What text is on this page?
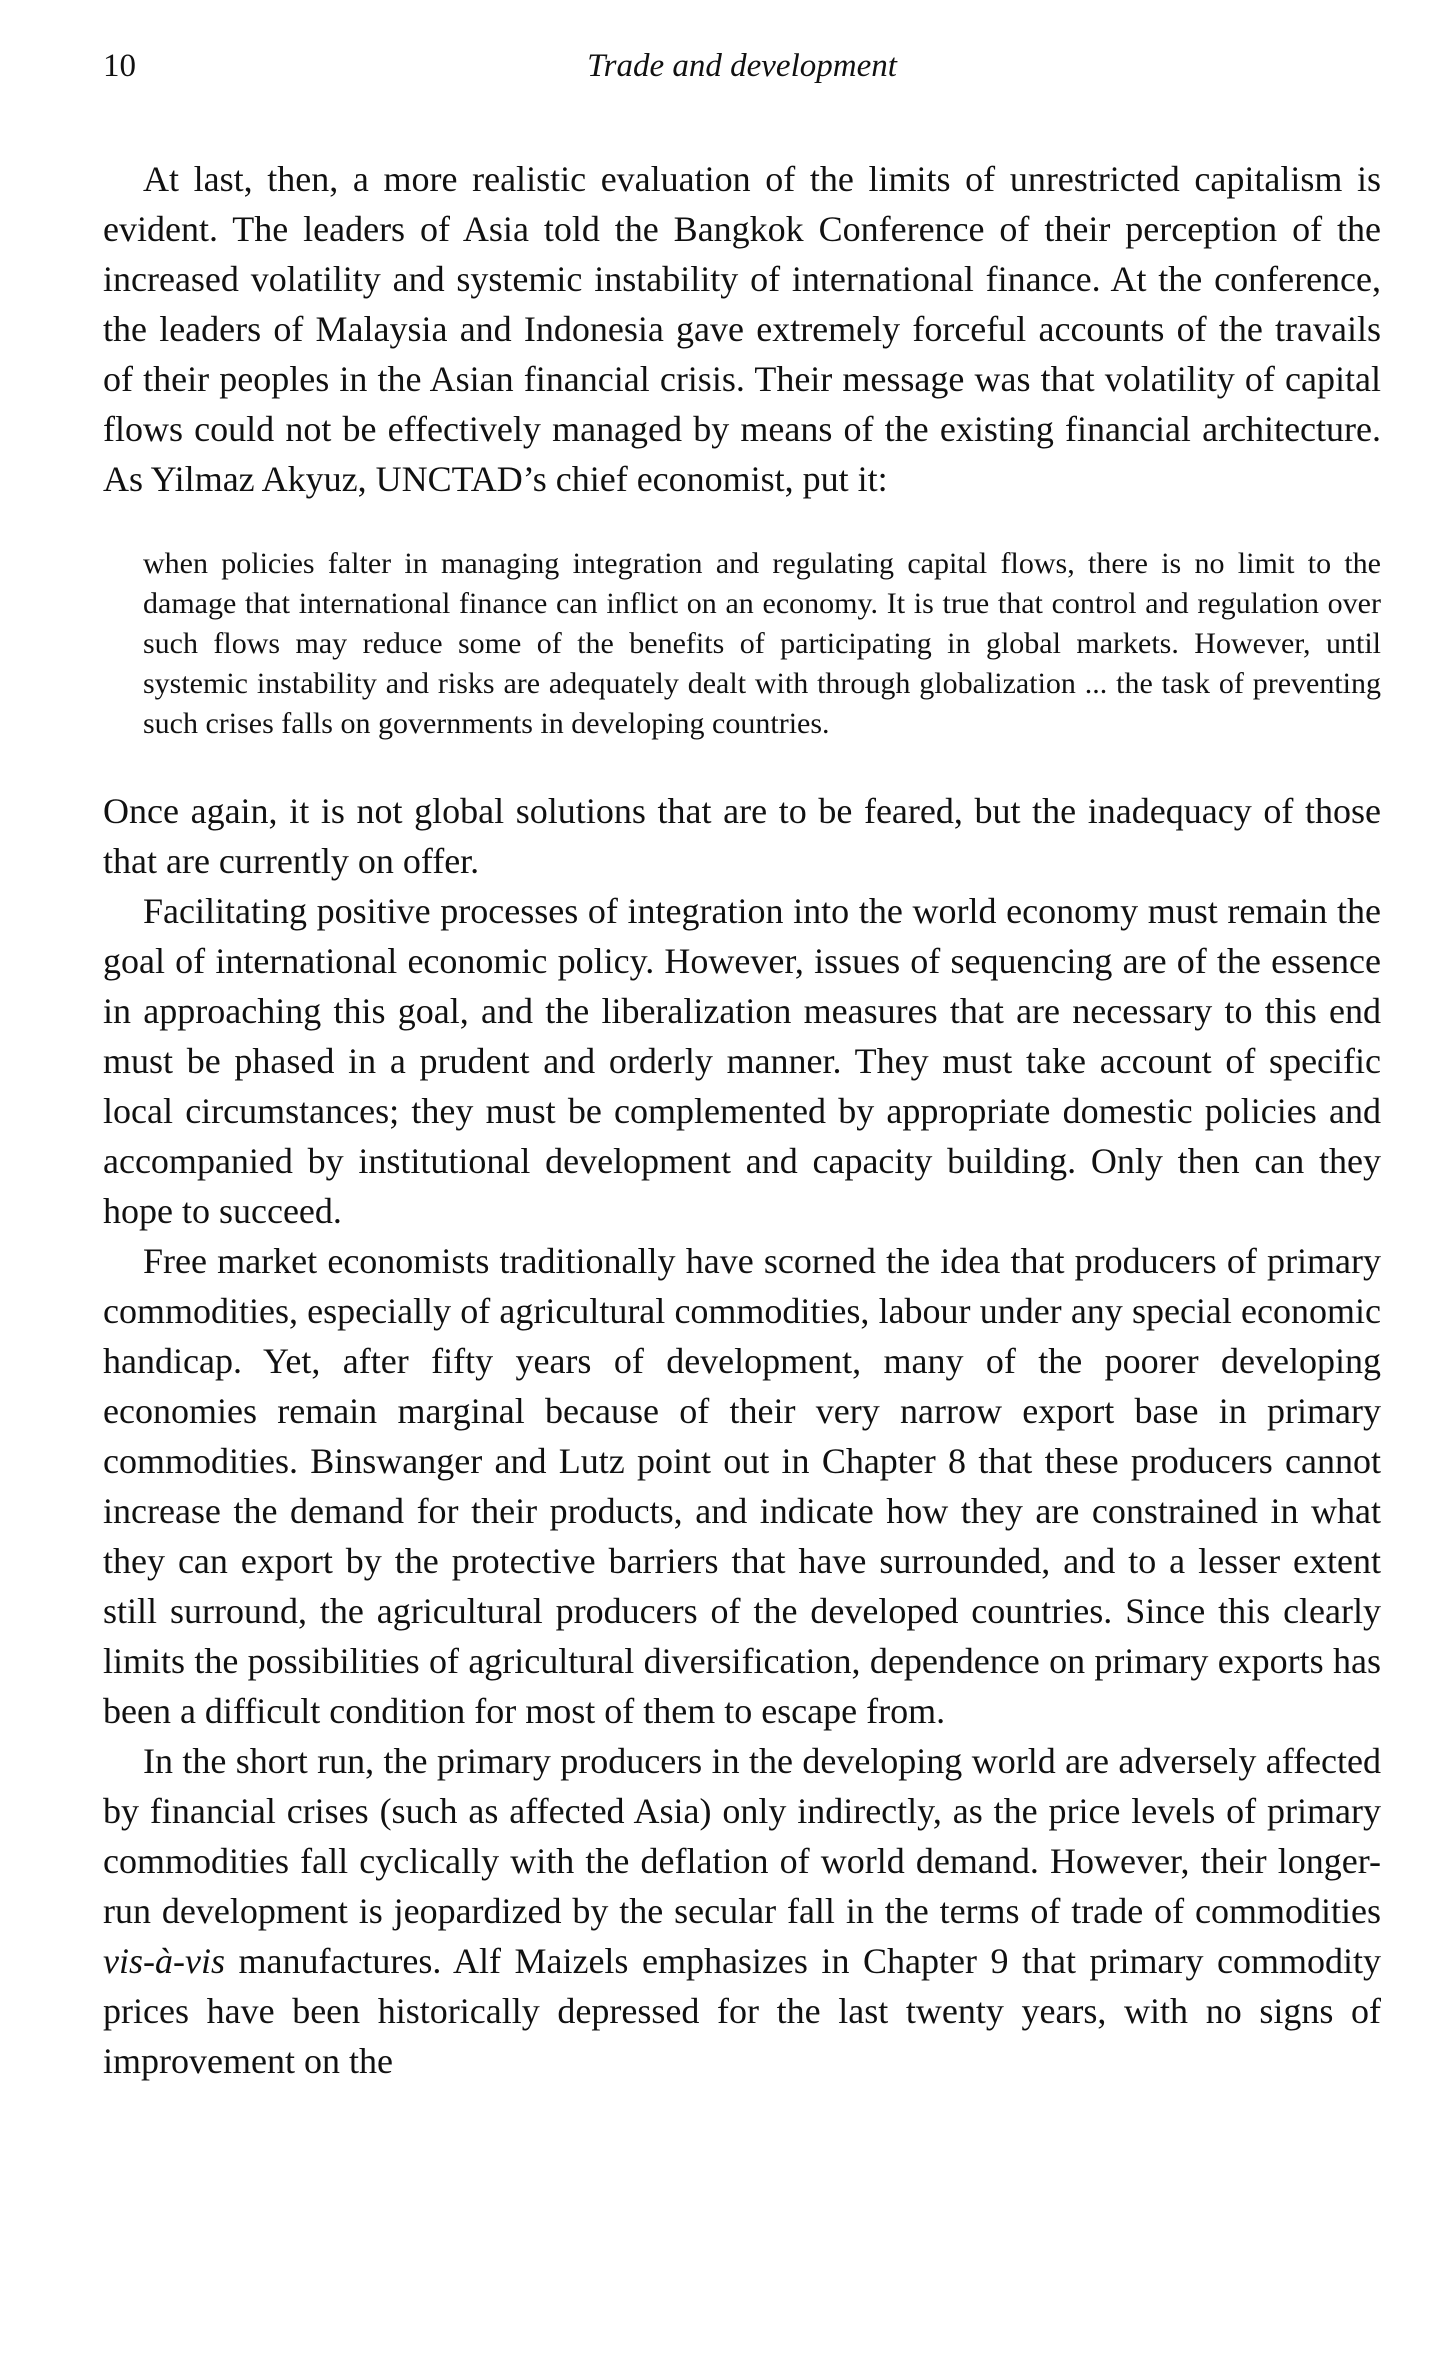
10	Trade and development

At last, then, a more realistic evaluation of the limits of unrestricted capitalism is evident. The leaders of Asia told the Bangkok Conference of their perception of the increased volatility and systemic instability of international finance. At the conference, the leaders of Malaysia and Indonesia gave extremely forceful accounts of the travails of their peoples in the Asian financial crisis. Their message was that volatility of capital flows could not be effectively managed by means of the existing financial architecture. As Yilmaz Akyuz, UNCTAD’s chief economist, put it:

when policies falter in managing integration and regulating capital flows, there is no limit to the damage that international finance can inflict on an economy. It is true that control and regulation over such flows may reduce some of the benefits of participating in global markets. However, until systemic instability and risks are adequately dealt with through globalization ... the task of preventing such crises falls on governments in developing countries.

Once again, it is not global solutions that are to be feared, but the inadequacy of those that are currently on offer.

Facilitating positive processes of integration into the world economy must remain the goal of international economic policy. However, issues of sequencing are of the essence in approaching this goal, and the liberalization measures that are necessary to this end must be phased in a prudent and orderly manner. They must take account of specific local circumstances; they must be complemented by appropriate domestic policies and accompanied by institutional development and capacity building. Only then can they hope to succeed.

Free market economists traditionally have scorned the idea that producers of primary commodities, especially of agricultural commodities, labour under any special economic handicap. Yet, after fifty years of development, many of the poorer developing economies remain marginal because of their very narrow export base in primary commodities. Binswanger and Lutz point out in Chapter 8 that these producers cannot increase the demand for their products, and indicate how they are constrained in what they can export by the protective barriers that have surrounded, and to a lesser extent still surround, the agricultural producers of the developed countries. Since this clearly limits the possibilities of agricultural diversification, dependence on primary exports has been a difficult condition for most of them to escape from.

In the short run, the primary producers in the developing world are adversely affected by financial crises (such as affected Asia) only indirectly, as the price levels of primary commodities fall cyclically with the deflation of world demand. However, their longer-run development is jeopardized by the secular fall in the terms of trade of commodities vis-à-vis manufactures. Alf Maizels emphasizes in Chapter 9 that primary commodity prices have been historically depressed for the last twenty years, with no signs of improvement on the
